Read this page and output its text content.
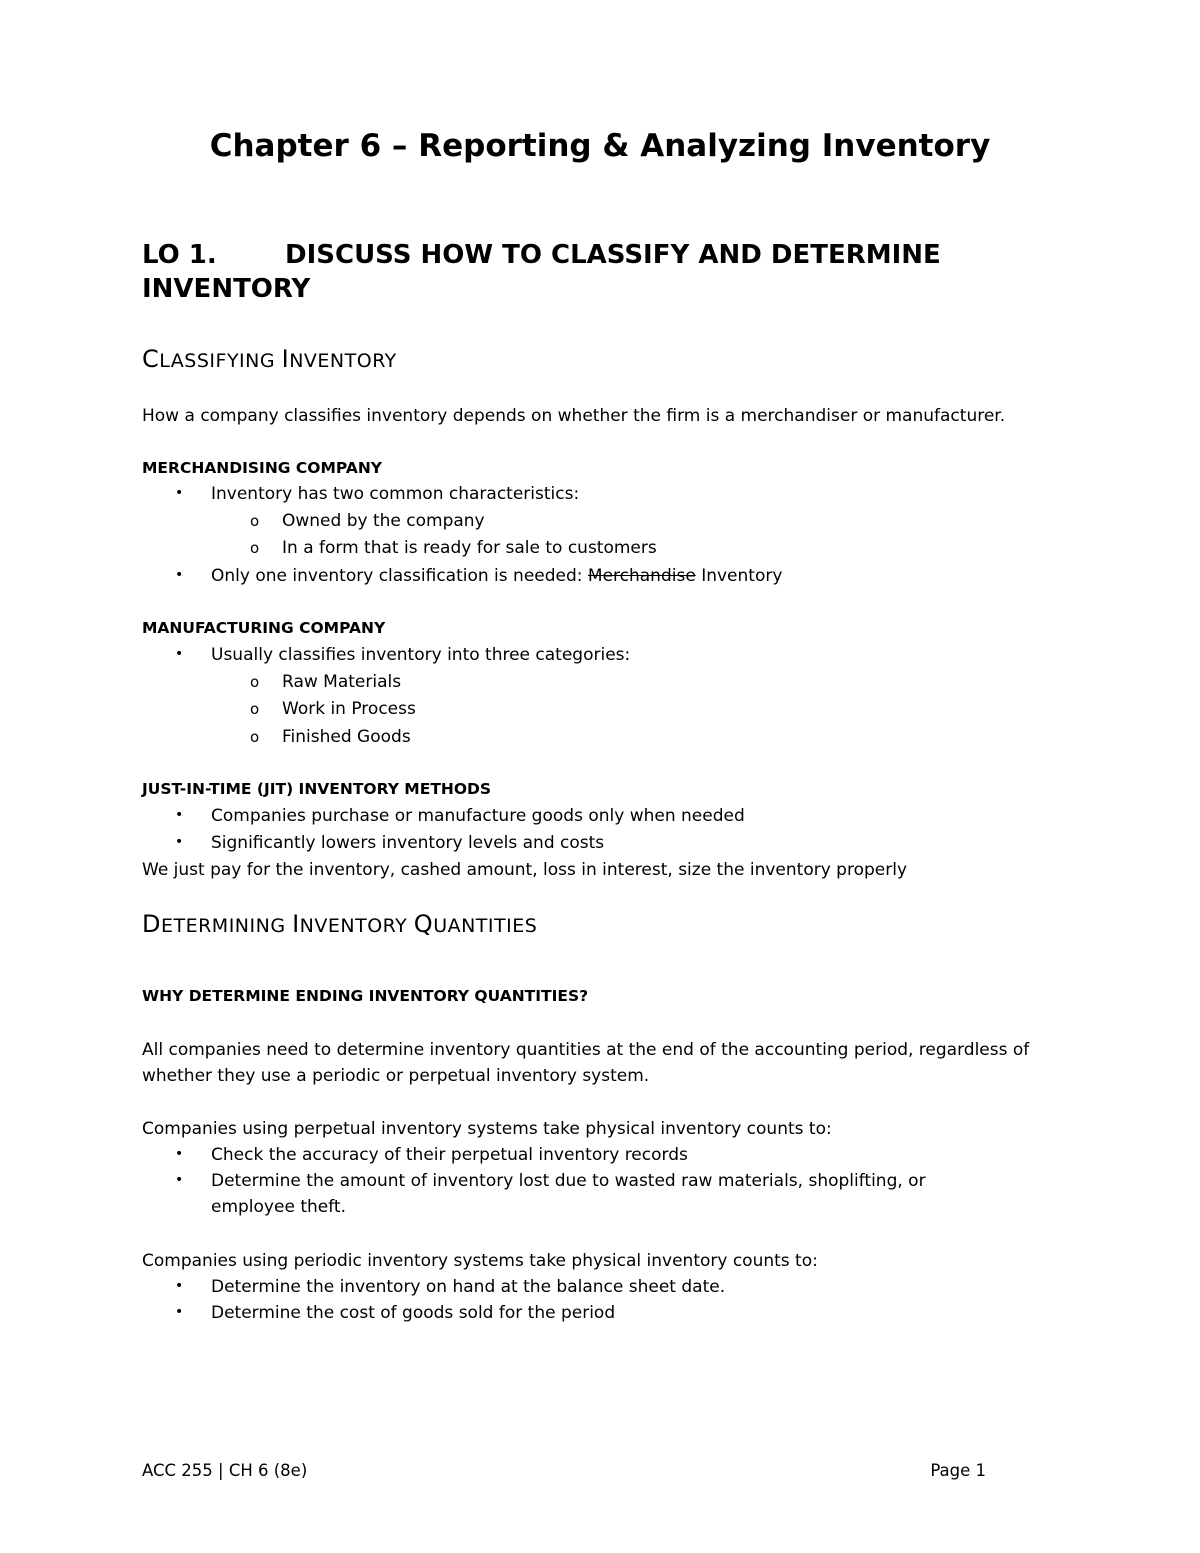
Chapter 6 – Reporting & Analyzing Inventory
LO 1.	DISCUSS HOW TO CLASSIFY AND DETERMINE INVENTORY
CLASSIFYING INVENTORY
How a company classifies inventory depends on whether the firm is a merchandiser or manufacturer.
MERCHANDISING COMPANY
• Inventory has two common characteristics:
o Owned by the company
o In a form that is ready for sale to customers
• Only one inventory classification is needed: Merchandise Inventory
MANUFACTURING COMPANY
• Usually classifies inventory into three categories:
o Raw Materials
o Work in Process
o Finished Goods
JUST-IN-TIME (JIT) INVENTORY METHODS
• Companies purchase or manufacture goods only when needed
• Significantly lowers inventory levels and costs
We just pay for the inventory, cashed amount, loss in interest, size the inventory properly
DETERMINING INVENTORY QUANTITIES
WHY DETERMINE ENDING INVENTORY QUANTITIES?
All companies need to determine inventory quantities at the end of the accounting period, regardless of
whether they use a periodic or perpetual inventory system.
Companies using perpetual inventory systems take physical inventory counts to:
• Check the accuracy of their perpetual inventory records
• Determine the amount of inventory lost due to wasted raw materials, shoplifting, or
employee theft.
Companies using periodic inventory systems take physical inventory counts to:
• Determine the inventory on hand at the balance sheet date.
• Determine the cost of goods sold for the period
ACC 255 | CH 6 (8e)	Page 1
